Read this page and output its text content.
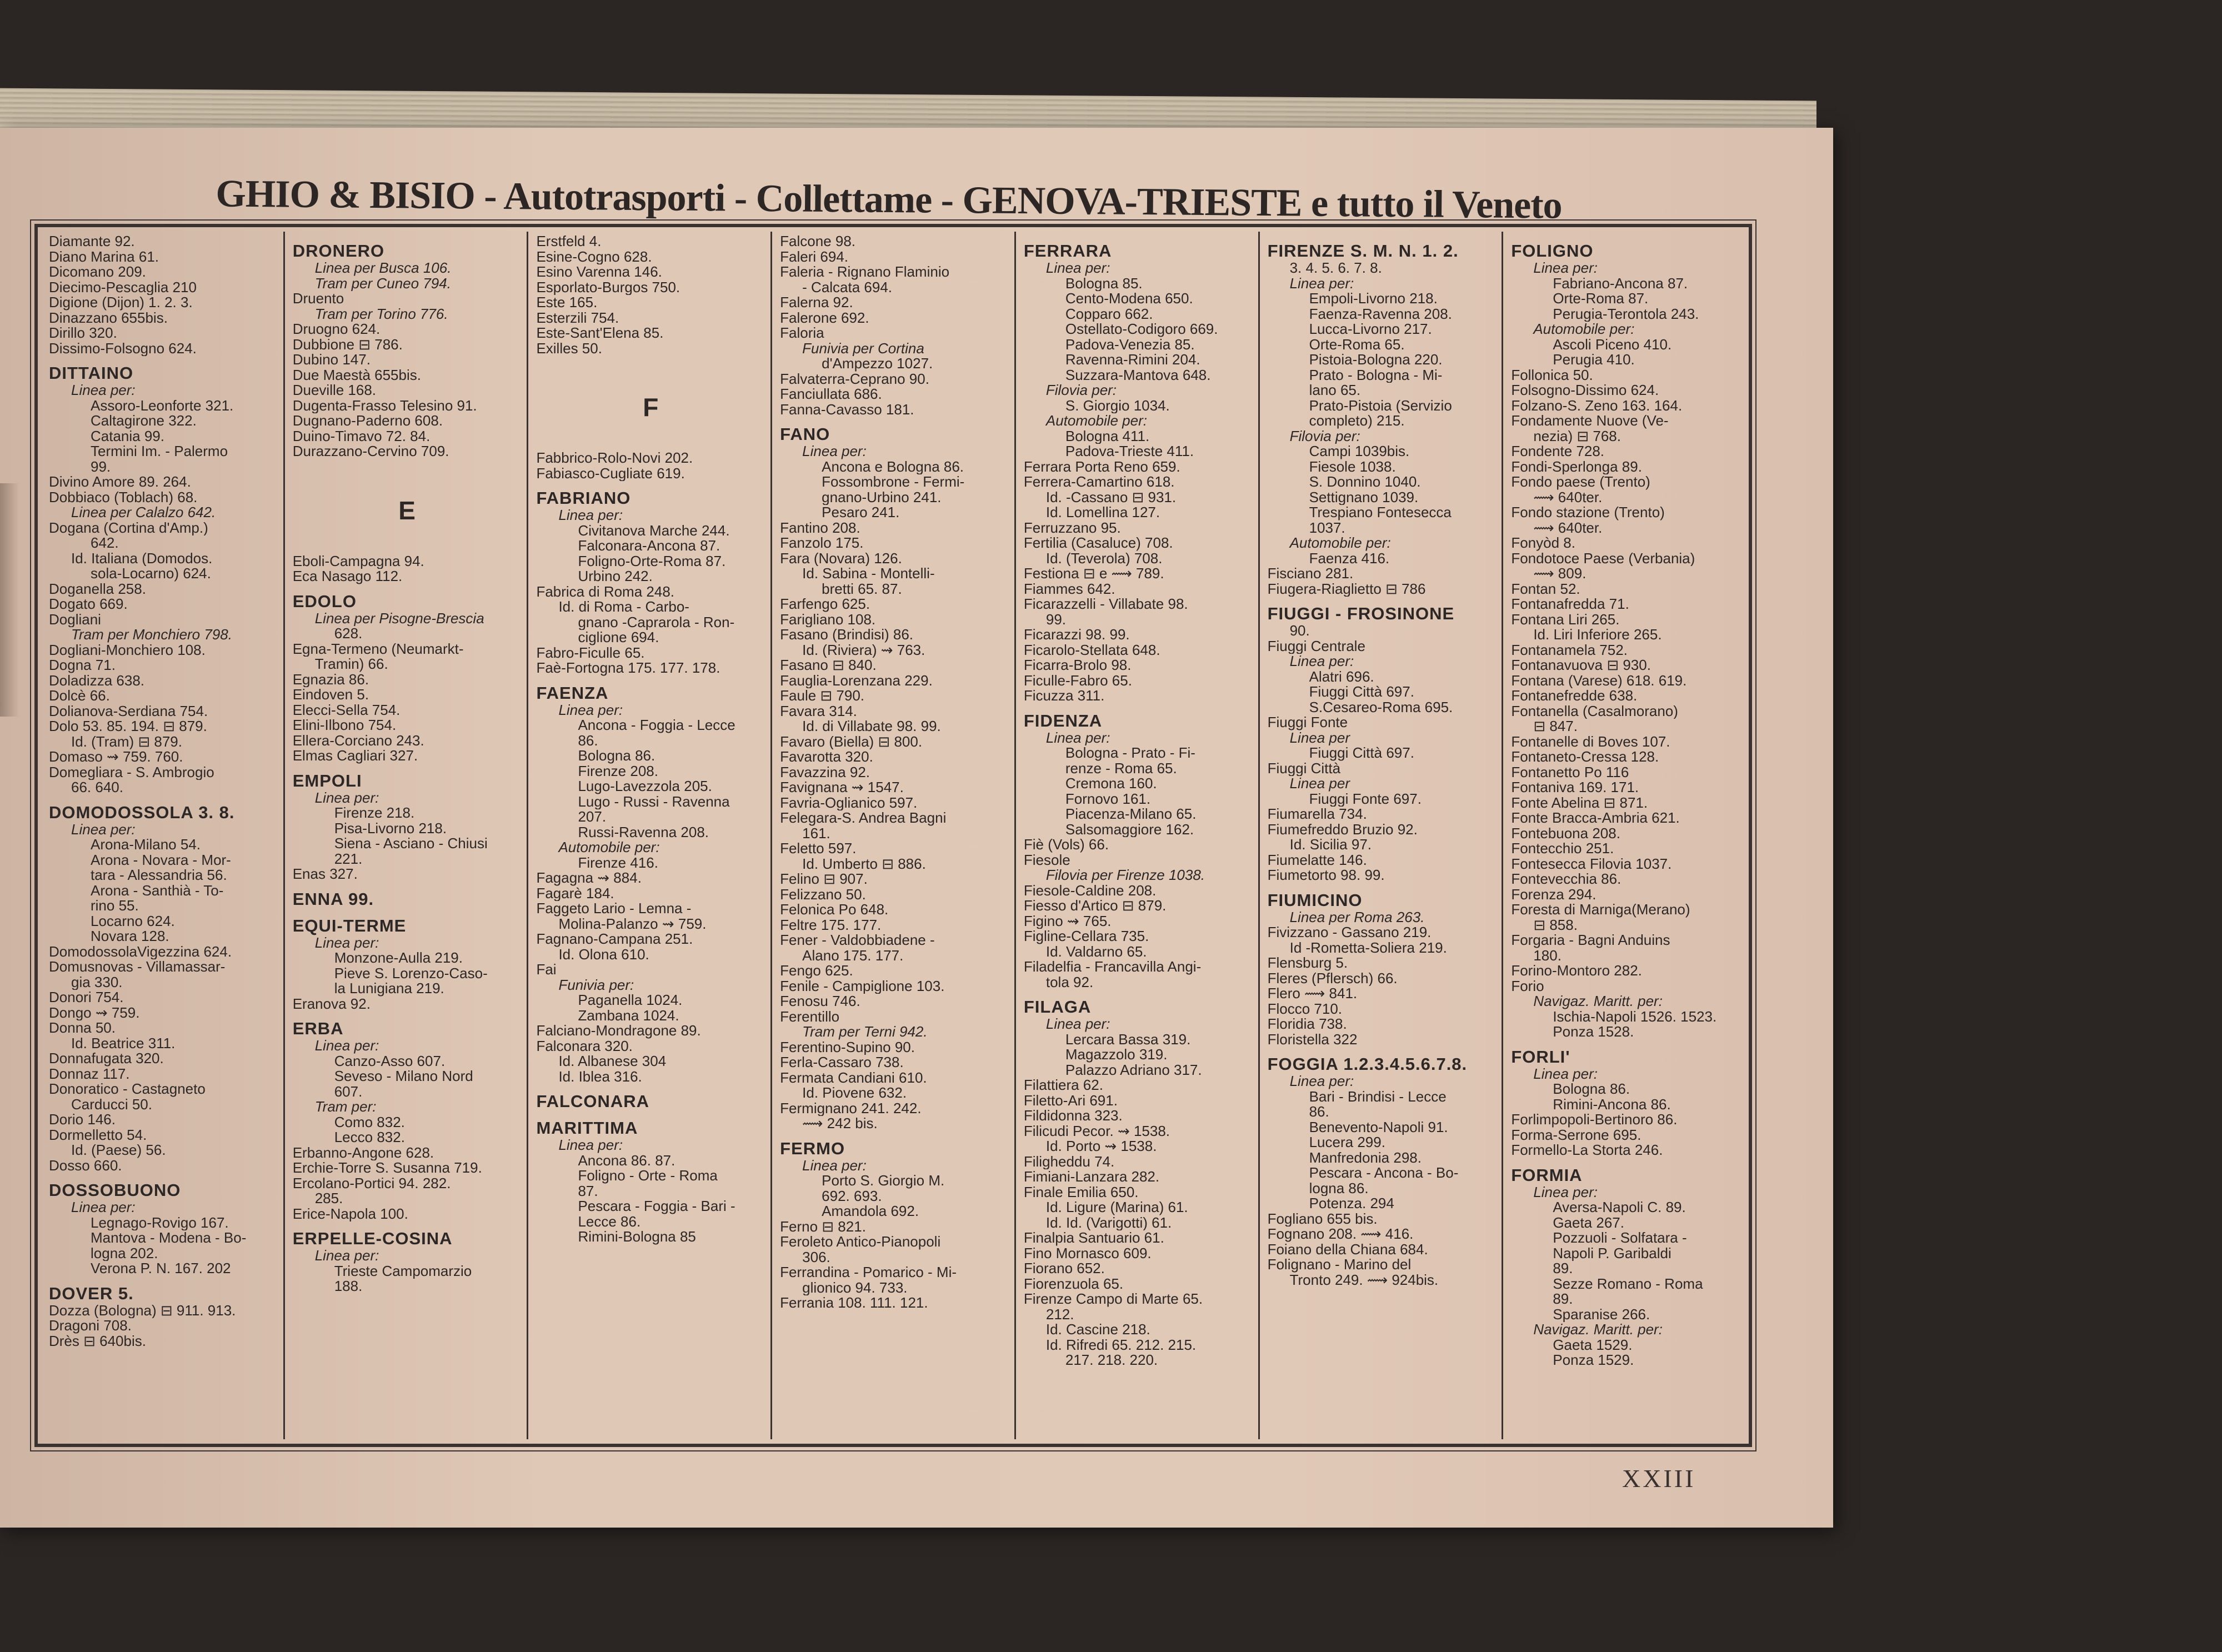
GHIO & BISIO - Autotrasporti - Collettame - GENOVA-TRIESTE e tutto il Veneto
Diamante 92.
Diano Marina 61.
Dicomano 209.
Diecimo-Pescaglia 210
Digione (Dijon) 1. 2. 3.
Dinazzano 655bis.
Dirillo 320.
Dissimo-Folsogno 624.
DITTAINO
Linea per:
Assoro-Leonforte 321.
Caltagirone 322.
Catania 99.
Termini Im. - Palermo
99.
Divino Amore 89. 264.
Dobbiaco (Toblach) 68.
Linea per Calalzo 642.
Dogana (Cortina d'Amp.)
642.
Id. Italiana (Domodos.
sola-Locarno) 624.
Doganella 258.
Dogato 669.
Dogliani
Tram per Monchiero 798.
Dogliani-Monchiero 108.
Dogna 71.
Doladizza 638.
Dolcè 66.
Dolianova-Serdiana 754.
Dolo 53. 85. 194. ⊟ 879.
Id. (Tram) ⊟ 879.
Domaso ⇝ 759. 760.
Domegliara - S. Ambrogio
66. 640.
DOMODOSSOLA 3. 8.
Linea per:
Arona-Milano 54.
Arona - Novara - Mor-
tara - Alessandria 56.
Arona - Santhià - To-
rino 55.
Locarno 624.
Novara 128.
DomodossolaVigezzina 624.
Domusnovas - Villamassar-
gia 330.
Donori 754.
Dongo ⇝ 759.
Donna 50.
Id. Beatrice 311.
Donnafugata 320.
Donnaz 117.
Donoratico - Castagneto
Carducci 50.
Dorio 146.
Dormelletto 54.
Id. (Paese) 56.
Dosso 660.
DOSSOBUONO
Linea per:
Legnago-Rovigo 167.
Mantova - Modena - Bo-
logna 202.
Verona P. N. 167. 202
DOVER 5.
Dozza (Bologna) ⊟ 911. 913.
Dragoni 708.
Drès ⊟ 640bis.
DRONERO
Linea per Busca 106.
Tram per Cuneo 794.
Druento
Tram per Torino 776.
Druogno 624.
Dubbione ⊟ 786.
Dubino 147.
Due Maestà 655bis.
Dueville 168.
Dugenta-Frasso Telesino 91.
Dugnano-Paderno 608.
Duino-Timavo 72. 84.
Durazzano-Cervino 709.
E
Eboli-Campagna 94.
Eca Nasago 112.
EDOLO
Linea per Pisogne-Brescia
628.
Egna-Termeno (Neumarkt-
Tramin) 66.
Egnazia 86.
Eindoven 5.
Elecci-Sella 754.
Elini-Ilbono 754.
Ellera-Corciano 243.
Elmas Cagliari 327.
EMPOLI
Linea per:
Firenze 218.
Pisa-Livorno 218.
Siena - Asciano - Chiusi
221.
Enas 327.
ENNA 99.
EQUI-TERME
Linea per:
Monzone-Aulla 219.
Pieve S. Lorenzo-Caso-
la Lunigiana 219.
Eranova 92.
ERBA
Linea per:
Canzo-Asso 607.
Seveso - Milano Nord
607.
Tram per:
Como 832.
Lecco 832.
Erbanno-Angone 628.
Erchie-Torre S. Susanna 719.
Ercolano-Portici 94. 282.
285.
Erice-Napola 100.
ERPELLE-COSINA
Linea per:
Trieste Campomarzio
188.
Erstfeld 4.
Esine-Cogno 628.
Esino Varenna 146.
Esporlato-Burgos 750.
Este 165.
Esterzili 754.
Este-Sant'Elena 85.
Exilles 50.
F
Fabbrico-Rolo-Novi 202.
Fabiasco-Cugliate 619.
FABRIANO
Linea per:
Civitanova Marche 244.
Falconara-Ancona 87.
Foligno-Orte-Roma 87.
Urbino 242.
Fabrica di Roma 248.
Id. di Roma - Carbo-
gnano -Caprarola - Ron-
ciglione 694.
Fabro-Ficulle 65.
Faè-Fortogna 175. 177. 178.
FAENZA
Linea per:
Ancona - Foggia - Lecce
86.
Bologna 86.
Firenze 208.
Lugo-Lavezzola 205.
Lugo - Russi - Ravenna
207.
Russi-Ravenna 208.
Automobile per:
Firenze 416.
Fagagna ⇝ 884.
Fagarè 184.
Faggeto Lario - Lemna -
Molina-Palanzo ⇝ 759.
Fagnano-Campana 251.
Id. Olona 610.
Fai
Funivia per:
Paganella 1024.
Zambana 1024.
Falciano-Mondragone 89.
Falconara 320.
Id. Albanese 304
Id. Iblea 316.
FALCONARA
MARITTIMA
Linea per:
Ancona 86. 87.
Foligno - Orte - Roma
87.
Pescara - Foggia - Bari -
Lecce 86.
Rimini-Bologna 85
Falcone 98.
Faleri 694.
Faleria - Rignano Flaminio
- Calcata 694.
Falerna 92.
Falerone 692.
Faloria
Funivia per Cortina
d'Ampezzo 1027.
Falvaterra-Ceprano 90.
Fanciullata 686.
Fanna-Cavasso 181.
FANO
Linea per:
Ancona e Bologna 86.
Fossombrone - Fermi-
gnano-Urbino 241.
Pesaro 241.
Fantino 208.
Fanzolo 175.
Fara (Novara) 126.
Id. Sabina - Montelli-
bretti 65. 87.
Farfengo 625.
Farigliano 108.
Fasano (Brindisi) 86.
Id. (Riviera) ⇝ 763.
Fasano ⊟ 840.
Fauglia-Lorenzana 229.
Faule ⊟ 790.
Favara 314.
Id. di Villabate 98. 99.
Favaro (Biella) ⊟ 800.
Favarotta 320.
Favazzina 92.
Favignana ⇝ 1547.
Favria-Oglianico 597.
Felegara-S. Andrea Bagni
161.
Feletto 597.
Id. Umberto ⊟ 886.
Felino ⊟ 907.
Felizzano 50.
Felonica Po 648.
Feltre 175. 177.
Fener - Valdobbiadene -
Alano 175. 177.
Fengo 625.
Fenile - Campiglione 103.
Fenosu 746.
Ferentillo
Tram per Terni 942.
Ferentino-Supino 90.
Ferla-Cassaro 738.
Fermata Candiani 610.
Id. Piovene 632.
Fermignano 241. 242.
⟿ 242 bis.
FERMO
Linea per:
Porto S. Giorgio M.
692. 693.
Amandola 692.
Ferno ⊟ 821.
Feroleto Antico-Pianopoli
306.
Ferrandina - Pomarico - Mi-
glionico 94. 733.
Ferrania 108. 111. 121.
FERRARA
Linea per:
Bologna 85.
Cento-Modena 650.
Copparo 662.
Ostellato-Codigoro 669.
Padova-Venezia 85.
Ravenna-Rimini 204.
Suzzara-Mantova 648.
Filovia per:
S. Giorgio 1034.
Automobile per:
Bologna 411.
Padova-Trieste 411.
Ferrara Porta Reno 659.
Ferrera-Camartino 618.
Id. -Cassano ⊟ 931.
Id. Lomellina 127.
Ferruzzano 95.
Fertilia (Casaluce) 708.
Id. (Teverola) 708.
Festiona ⊟ e ⟿ 789.
Fiammes 642.
Ficarazzelli - Villabate 98.
99.
Ficarazzi 98. 99.
Ficarolo-Stellata 648.
Ficarra-Brolo 98.
Ficulle-Fabro 65.
Ficuzza 311.
FIDENZA
Linea per:
Bologna - Prato - Fi-
renze - Roma 65.
Cremona 160.
Fornovo 161.
Piacenza-Milano 65.
Salsomaggiore 162.
Fiè (Vols) 66.
Fiesole
Filovia per Firenze 1038.
Fiesole-Caldine 208.
Fiesso d'Artico ⊟ 879.
Figino ⇝ 765.
Figline-Cellara 735.
Id. Valdarno 65.
Filadelfia - Francavilla Angi-
tola 92.
FILAGA
Linea per:
Lercara Bassa 319.
Magazzolo 319.
Palazzo Adriano 317.
Filattiera 62.
Filetto-Ari 691.
Fildidonna 323.
Filicudi Pecor. ⇝ 1538.
Id. Porto ⇝ 1538.
Filigheddu 74.
Fimiani-Lanzara 282.
Finale Emilia 650.
Id. Ligure (Marina) 61.
Id. Id. (Varigotti) 61.
Finalpia Santuario 61.
Fino Mornasco 609.
Fiorano 652.
Fiorenzuola 65.
Firenze Campo di Marte 65.
212.
Id. Cascine 218.
Id. Rifredi 65. 212. 215.
217. 218. 220.
FIRENZE S. M. N. 1. 2.
3. 4. 5. 6. 7. 8.
Linea per:
Empoli-Livorno 218.
Faenza-Ravenna 208.
Lucca-Livorno 217.
Orte-Roma 65.
Pistoia-Bologna 220.
Prato - Bologna - Mi-
lano 65.
Prato-Pistoia (Servizio
completo) 215.
Filovia per:
Campi 1039bis.
Fiesole 1038.
S. Donnino 1040.
Settignano 1039.
Trespiano Fontesecca
1037.
Automobile per:
Faenza 416.
Fisciano 281.
Fiugera-Riaglietto ⊟ 786
FIUGGI - FROSINONE
90.
Fiuggi Centrale
Linea per:
Alatri 696.
Fiuggi Città 697.
S.Cesareo-Roma 695.
Fiuggi Fonte
Linea per
Fiuggi Città 697.
Fiuggi Città
Linea per
Fiuggi Fonte 697.
Fiumarella 734.
Fiumefreddo Bruzio 92.
Id. Sicilia 97.
Fiumelatte 146.
Fiumetorto 98. 99.
FIUMICINO
Linea per Roma 263.
Fivizzano - Gassano 219.
Id -Rometta-Soliera 219.
Flensburg 5.
Fleres (Pflersch) 66.
Flero ⟿ 841.
Flocco 710.
Floridia 738.
Floristella 322
FOGGIA 1.2.3.4.5.6.7.8.
Linea per:
Bari - Brindisi - Lecce
86.
Benevento-Napoli 91.
Lucera 299.
Manfredonia 298.
Pescara - Ancona - Bo-
logna 86.
Potenza. 294
Fogliano 655 bis.
Fognano 208. ⟿ 416.
Foiano della Chiana 684.
Folignano - Marino del
Tronto 249. ⟿ 924bis.
FOLIGNO
Linea per:
Fabriano-Ancona 87.
Orte-Roma 87.
Perugia-Terontola 243.
Automobile per:
Ascoli Piceno 410.
Perugia 410.
Follonica 50.
Folsogno-Dissimo 624.
Folzano-S. Zeno 163. 164.
Fondamente Nuove (Ve-
nezia) ⊟ 768.
Fondente 728.
Fondi-Sperlonga 89.
Fondo paese (Trento)
⟿ 640ter.
Fondo stazione (Trento)
⟿ 640ter.
Fonyòd 8.
Fondotoce Paese (Verbania)
⟿ 809.
Fontan 52.
Fontanafredda 71.
Fontana Liri 265.
Id. Liri Inferiore 265.
Fontanamela 752.
Fontanavuova ⊟ 930.
Fontana (Varese) 618. 619.
Fontanefredde 638.
Fontanella (Casalmorano)
⊟ 847.
Fontanelle di Boves 107.
Fontaneto-Cressa 128.
Fontanetto Po 116
Fontaniva 169. 171.
Fonte Abelina ⊟ 871.
Fonte Bracca-Ambria 621.
Fontebuona 208.
Fontecchio 251.
Fontesecca Filovia 1037.
Fontevecchia 86.
Forenza 294.
Foresta di Marniga(Merano)
⊟ 858.
Forgaria - Bagni Anduins
180.
Forino-Montoro 282.
Forio
Navigaz. Maritt. per:
Ischia-Napoli 1526. 1523.
Ponza 1528.
FORLI'
Linea per:
Bologna 86.
Rimini-Ancona 86.
Forlimpopoli-Bertinoro 86.
Forma-Serrone 695.
Formello-La Storta 246.
FORMIA
Linea per:
Aversa-Napoli C. 89.
Gaeta 267.
Pozzuoli - Solfatara -
Napoli P. Garibaldi
89.
Sezze Romano - Roma
89.
Sparanise 266.
Navigaz. Maritt. per:
Gaeta 1529.
Ponza 1529.
XXIII
